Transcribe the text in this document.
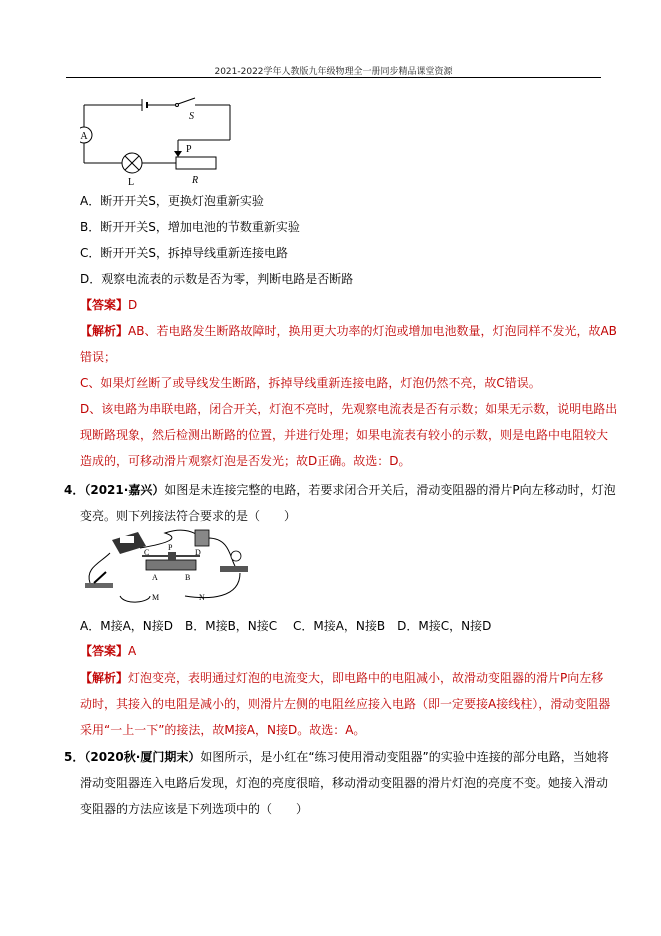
2021-2022学年人教版九年级物理全一册同步精品课堂资源
A
S
P
R
L
A．断开开关S，更换灯泡重新实验
B．断开开关S，增加电池的节数重新实验
C．断开开关S，拆掉导线重新连接电路
D．观察电流表的示数是否为零，判断电路是否断路
【答案】D
【解析】AB、若电路发生断路故障时，换用更大功率的灯泡或增加电池数量，灯泡同样不发光，故AB
错误；
C、如果灯丝断了或导线发生断路，拆掉导线重新连接电路，灯泡仍然不亮，故C错误。
D、该电路为串联电路，闭合开关，灯泡不亮时，先观察电流表是否有示数；如果无示数，说明电路出
现断路现象，然后检测出断路的位置，并进行处理；如果电流表有较小的示数，则是电路中电阻较大
造成的，可移动滑片观察灯泡是否发光；故D正确。故选：D。
4．（2021·嘉兴）如图是未连接完整的电路，若要求闭合开关后，滑动变阻器的滑片P向左移动时，灯泡
变亮。则下列接法符合要求的是（　　）
C
P
D
A	B
M	N
A．M接A，N接D　B．M接B，N接C　 C．M接A，N接B　D．M接C，N接D
【答案】A
【解析】灯泡变亮，表明通过灯泡的电流变大，即电路中的电阻减小，故滑动变阻器的滑片P向左移
动时，其接入的电阻是减小的，则滑片左侧的电阻丝应接入电路（即一定要接A接线柱），滑动变阻器
采用“一上一下”的接法，故M接A，N接D。故选：A。
5．（2020秋·厦门期末）如图所示，是小红在“练习使用滑动变阻器”的实验中连接的部分电路，当她将
滑动变阻器连入电路后发现，灯泡的亮度很暗，移动滑动变阻器的滑片灯泡的亮度不变。她接入滑动
变阻器的方法应该是下列选项中的（　　）
